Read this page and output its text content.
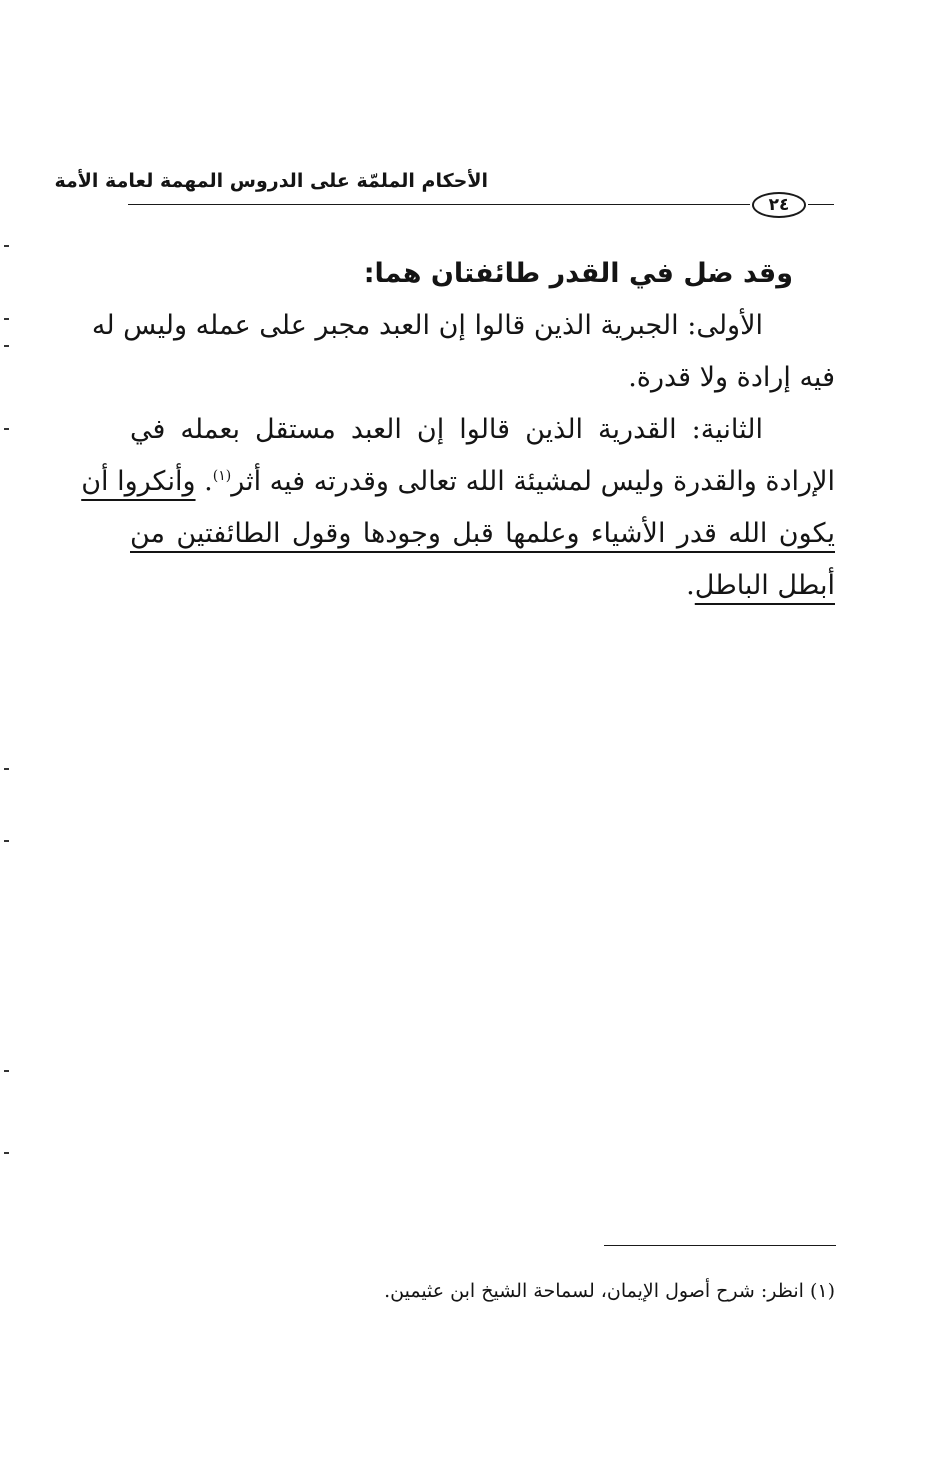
الأحكام الملمّة على الدروس المهمة لعامة الأمة
٢٤

وقد ضل في القدر طائفتان هما:

الأولى: الجبرية الذين قالوا إن العبد مجبر على عمله وليس له
فيه إرادة ولا قدرة.

الثانية: القدرية الذين قالوا إن العبد مستقل بعمله في
الإرادة والقدرة وليس لمشيئة الله تعالى وقدرته فيه أثر$^{(١)}$. وأنكروا أن
يكون الله قدر الأشياء وعلمها قبل وجودها وقول الطائفتين من
أبطل الباطل.

(١) انظر: شرح أصول الإيمان، لسماحة الشيخ ابن عثيمين.
